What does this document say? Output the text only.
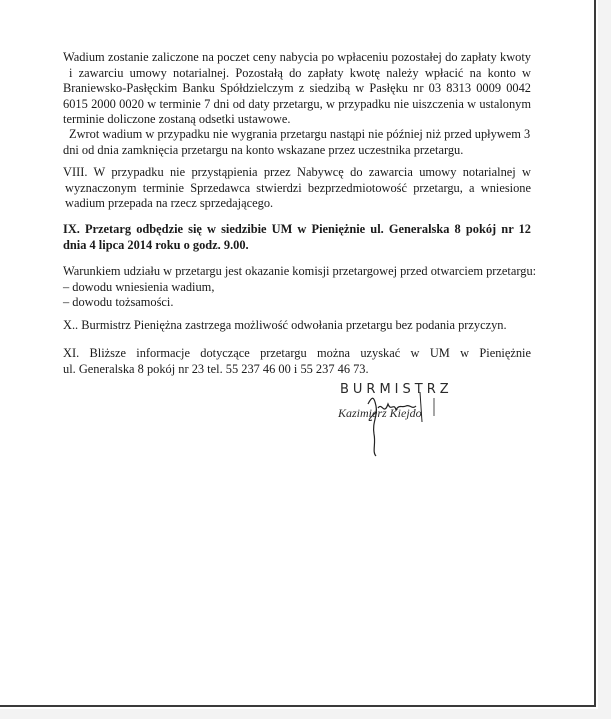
Wadium zostanie zaliczone na poczet ceny nabycia po wpłaceniu pozostałej do zapłaty kwoty
i zawarciu umowy notarialnej. Pozostałą do zapłaty kwotę należy wpłacić na konto w
Braniewsko-Pasłęckim Banku Spółdzielczym z siedzibą w Pasłęku nr 03 8313 0009 0042
6015 2000 0020 w terminie 7 dni od daty przetargu, w przypadku nie uiszczenia w ustalonym
terminie doliczone zostaną odsetki ustawowe.
Zwrot wadium w przypadku nie wygrania przetargu nastąpi nie później niż przed upływem 3
dni od dnia zamknięcia przetargu na konto wskazane przez uczestnika przetargu.
VIII. W przypadku nie przystąpienia przez Nabywcę do zawarcia umowy notarialnej w
wyznaczonym terminie Sprzedawca stwierdzi bezprzedmiotowość przetargu, a wniesione
wadium przepada na rzecz sprzedającego.
IX. Przetarg odbędzie się w siedzibie UM w Pieniężnie ul. Generalska 8 pokój nr 12
dnia 4 lipca 2014 roku o godz. 9.00.
Warunkiem udziału w przetargu jest okazanie komisji przetargowej przed otwarciem przetargu:
– dowodu wniesienia wadium,
– dowodu tożsamości.
X.. Burmistrz Pieniężna zastrzega możliwość odwołania przetargu bez podania przyczyn.
XI. Bliższe informacje dotyczące przetargu można uzyskać w UM w Pieniężnie
ul. Generalska 8 pokój nr 23 tel. 55 237 46 00 i 55 237 46 73.
BURMISTRZ
Kazimierz Kiejdo
